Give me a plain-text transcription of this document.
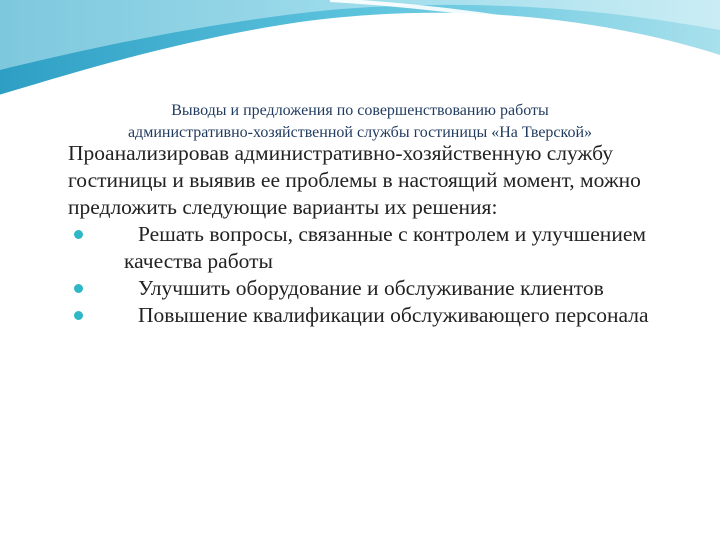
Выводы и предложения по совершенствованию работы
административно-хозяйственной службы гостиницы «На Тверской»

Проанализировав административно-хозяйственную службу гостиницы и выявив ее проблемы в настоящий момент, можно предложить следующие варианты их решения:

Решать вопросы, связанные с контролем и улучшением качества работы
Улучшить оборудование и обслуживание клиентов
Повышение квалификации обслуживающего персонала
